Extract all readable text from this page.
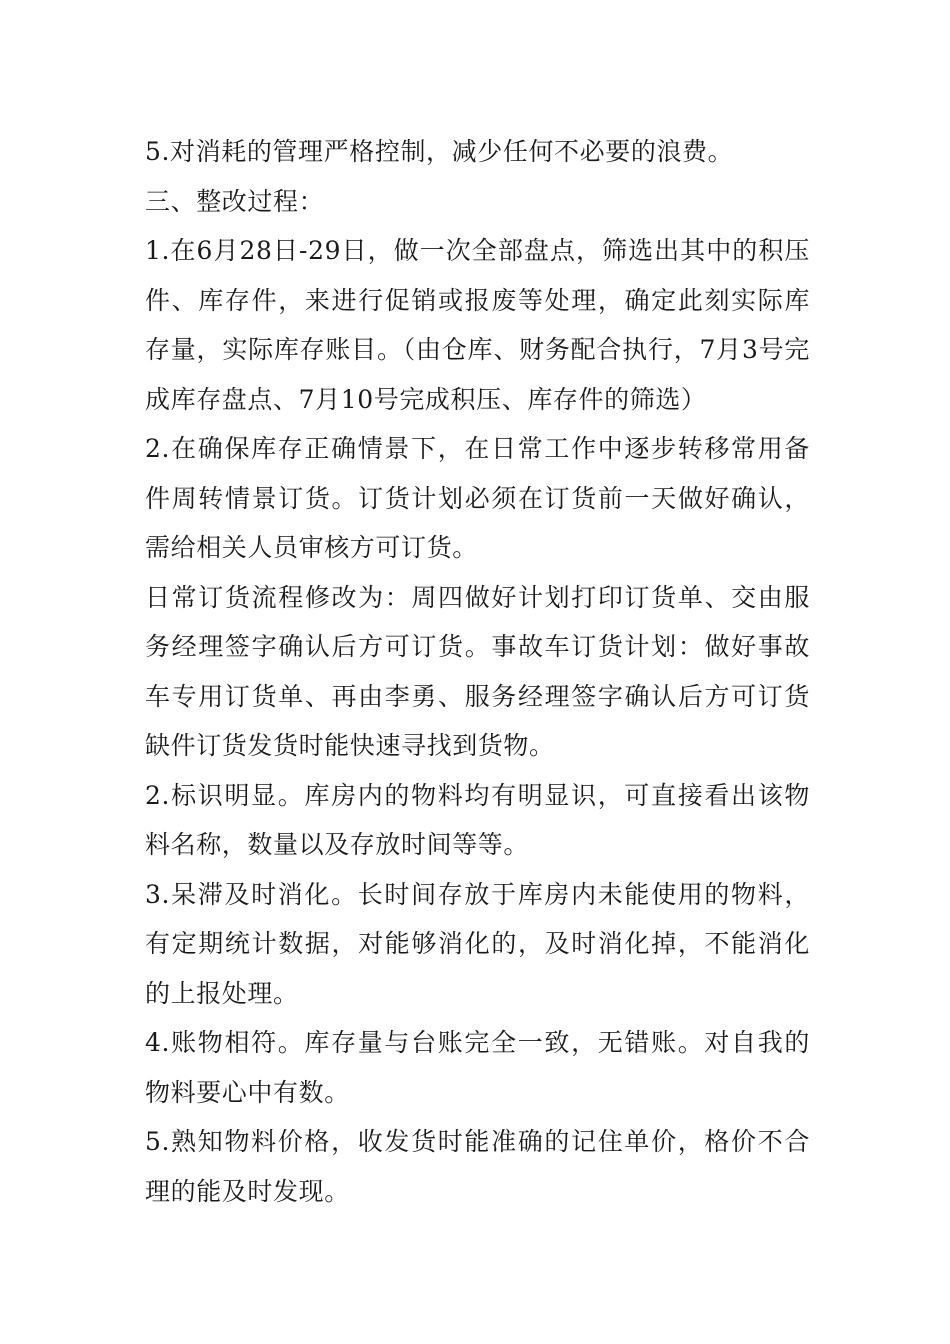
5.对消耗的管理严格控制，减少任何不必要的浪费。

三、整改过程：

1.在6月28日-29日，做一次全部盘点，筛选出其中的积压件、库存件，来进行促销或报废等处理，确定此刻实际库存量，实际库存账目。（由仓库、财务配合执行，7月3号完成库存盘点、7月10号完成积压、库存件的筛选）

2.在确保库存正确情景下，在日常工作中逐步转移常用备件周转情景订货。订货计划必须在订货前一天做好确认，需给相关人员审核方可订货。

日常订货流程修改为：周四做好计划打印订货单、交由服务经理签字确认后方可订货。事故车订货计划：做好事故车专用订货单、再由李勇、服务经理签字确认后方可订货缺件订货发货时能快速寻找到货物。

2.标识明显。库房内的物料均有明显识，可直接看出该物料名称，数量以及存放时间等等。

3.呆滞及时消化。长时间存放于库房内未能使用的物料，有定期统计数据，对能够消化的，及时消化掉，不能消化的上报处理。

4.账物相符。库存量与台账完全一致，无错账。对自我的物料要心中有数。

5.熟知物料价格，收发货时能准确的记住单价，格价不合理的能及时发现。
